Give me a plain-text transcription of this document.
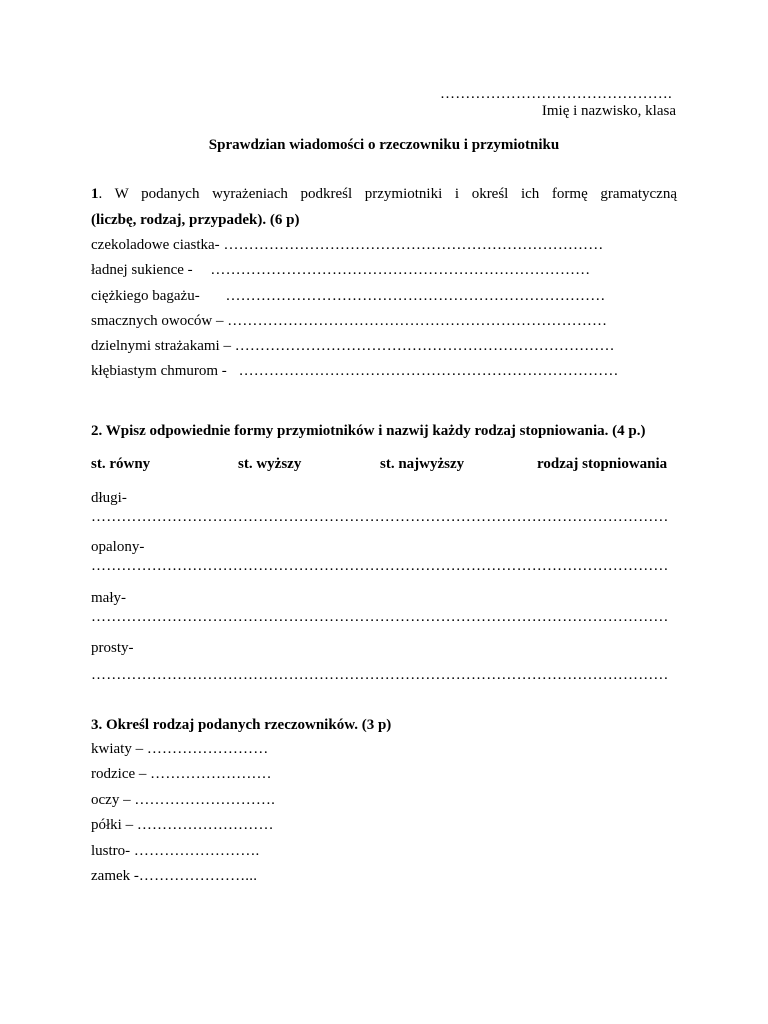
……………………………………….
Imię i nazwisko, klasa
Sprawdzian wiadomości o rzeczowniku i przymiotniku
1. W podanych wyrażeniach podkreśl przymiotniki i określ ich formę gramatyczną
(liczbę, rodzaj, przypadek). (6 p)
czekoladowe ciastka- …………………………………………………………………
ładnej sukience - …………………………………………………………………
ciężkiego bagażu- …………………………………………………………………
smacznych owoców – …………………………………………………………………
dzielnymi strażakami – …………………………………………………………………
kłębiastym chmurom - …………………………………………………………………
2. Wpisz odpowiednie formy przymiotników i nazwij każdy rodzaj stopniowania. (4 p.)
st. równy	st. wyższy	st. najwyższy	rodzaj stopniowania
długi-
……………………………………………………………………………………………………
opalony-
……………………………………………………………………………………………………
mały-
……………………………………………………………………………………………………
prosty-
……………………………………………………………………………………………………
3. Określ rodzaj podanych rzeczowników. (3 p)
kwiaty – ……………………
rodzice – ……………………
oczy – ……………………….
półki – ………………………
lustro- …………………….
zamek -…………………...
